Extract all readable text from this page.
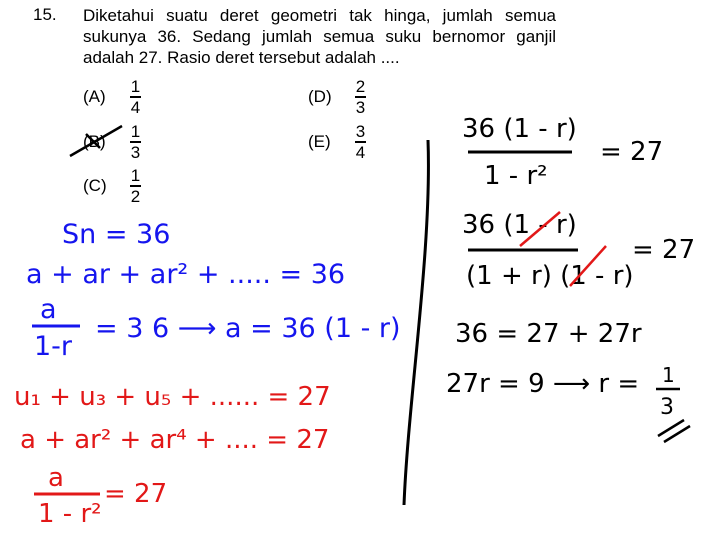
15. Diketahui suatu deret geometri tak hinga, jumlah semua sukunya 36. Sedang jumlah semua suku bernomor ganjil adalah 27. Rasio deret tersebut adalah ....
(A)	$\frac{1}{4}$
(B)	$\frac{1}{3}$
(C)	$\frac{1}{2}$
(D)	$\frac{2}{3}$
(E)	$\frac{3}{4}$
Sn = 36
a + ar + ar² + ..... = 36
a
1-r
= 3 6 ⟶ a = 36 (1 - r)
u₁ + u₃ + u₅ + ...... = 27
a + ar² + ar⁴ + .... = 27
a
1 - r²
= 27
36 (1 - r)
1 - r²
= 27
36 (1 - r)
(1 + r) (1 - r)
= 27
36 = 27 + 27r
27r = 9 ⟶ r = 1
3
